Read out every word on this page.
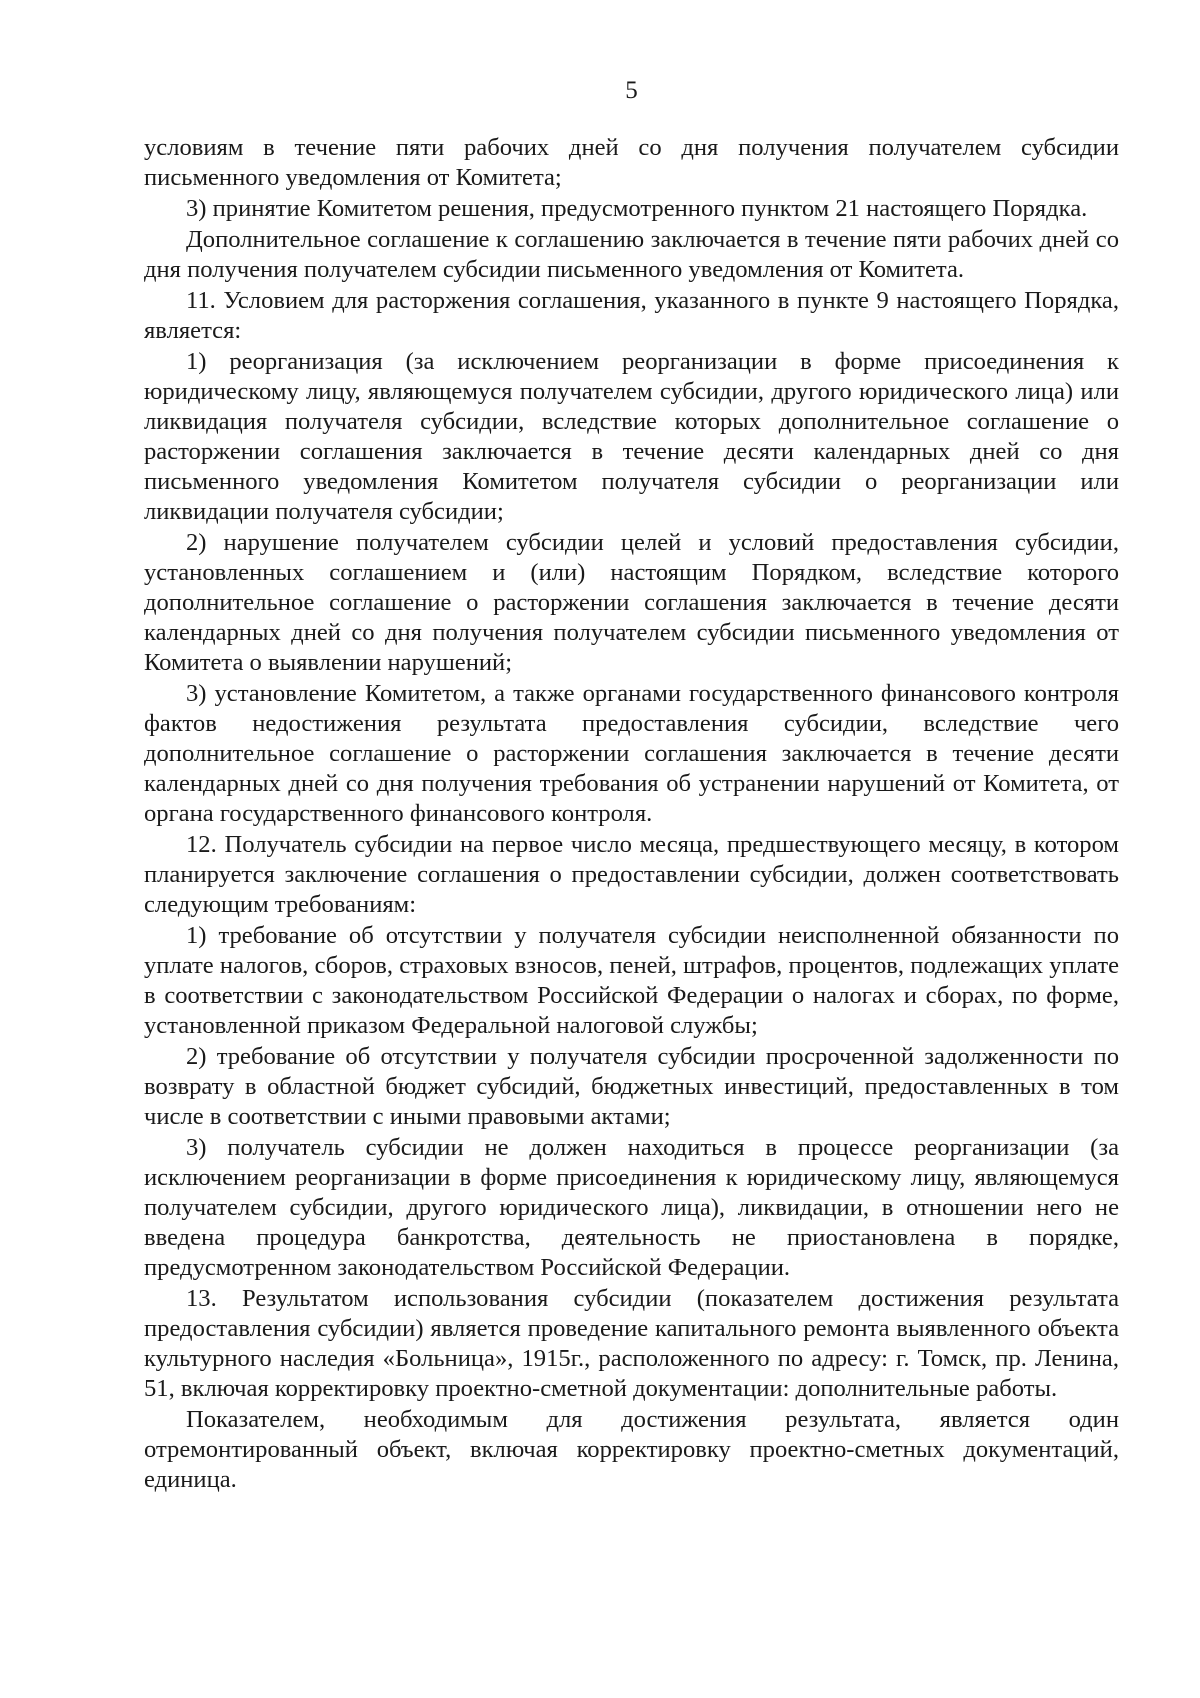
5

условиям в течение пяти рабочих дней со дня получения получателем субсидии письменного уведомления от Комитета;

3) принятие Комитетом решения, предусмотренного пунктом 21 настоящего Порядка.

Дополнительное соглашение к соглашению заключается в течение пяти рабочих дней со дня получения получателем субсидии письменного уведомления от Комитета.

11. Условием для расторжения соглашения, указанного в пункте 9 настоящего Порядка, является:

1) реорганизация (за исключением реорганизации в форме присоединения к юридическому лицу, являющемуся получателем субсидии, другого юридического лица) или ликвидация получателя субсидии, вследствие которых дополнительное соглашение о расторжении соглашения заключается в течение десяти календарных дней со дня письменного уведомления Комитетом получателя субсидии о реорганизации или ликвидации получателя субсидии;

2) нарушение получателем субсидии целей и условий предоставления субсидии, установленных соглашением и (или) настоящим Порядком, вследствие которого дополнительное соглашение о расторжении соглашения заключается в течение десяти календарных дней со дня получения получателем субсидии письменного уведомления от Комитета о выявлении нарушений;

3) установление Комитетом, а также органами государственного финансового контроля фактов недостижения результата предоставления субсидии, вследствие чего дополнительное соглашение о расторжении соглашения заключается в течение десяти календарных дней со дня получения требования об устранении нарушений от Комитета, от органа государственного финансового контроля.

12. Получатель субсидии на первое число месяца, предшествующего месяцу, в котором планируется заключение соглашения о предоставлении субсидии, должен соответствовать следующим требованиям:

1) требование об отсутствии у получателя субсидии неисполненной обязанности по уплате налогов, сборов, страховых взносов, пеней, штрафов, процентов, подлежащих уплате в соответствии с законодательством Российской Федерации о налогах и сборах, по форме, установленной приказом Федеральной налоговой службы;

2) требование об отсутствии у получателя субсидии просроченной задолженности по возврату в областной бюджет субсидий, бюджетных инвестиций, предоставленных в том числе в соответствии с иными правовыми актами;

3) получатель субсидии не должен находиться в процессе реорганизации (за исключением реорганизации в форме присоединения к юридическому лицу, являющемуся получателем субсидии, другого юридического лица), ликвидации, в отношении него не введена процедура банкротства, деятельность не приостановлена в порядке, предусмотренном законодательством Российской Федерации.

13. Результатом использования субсидии (показателем достижения результата предоставления субсидии) является проведение капитального ремонта выявленного объекта культурного наследия «Больница», 1915г., расположенного по адресу: г. Томск, пр. Ленина, 51, включая корректировку проектно-сметной документации: дополнительные работы.

Показателем, необходимым для достижения результата, является один отремонтированный объект, включая корректировку проектно-сметных документаций, единица.
